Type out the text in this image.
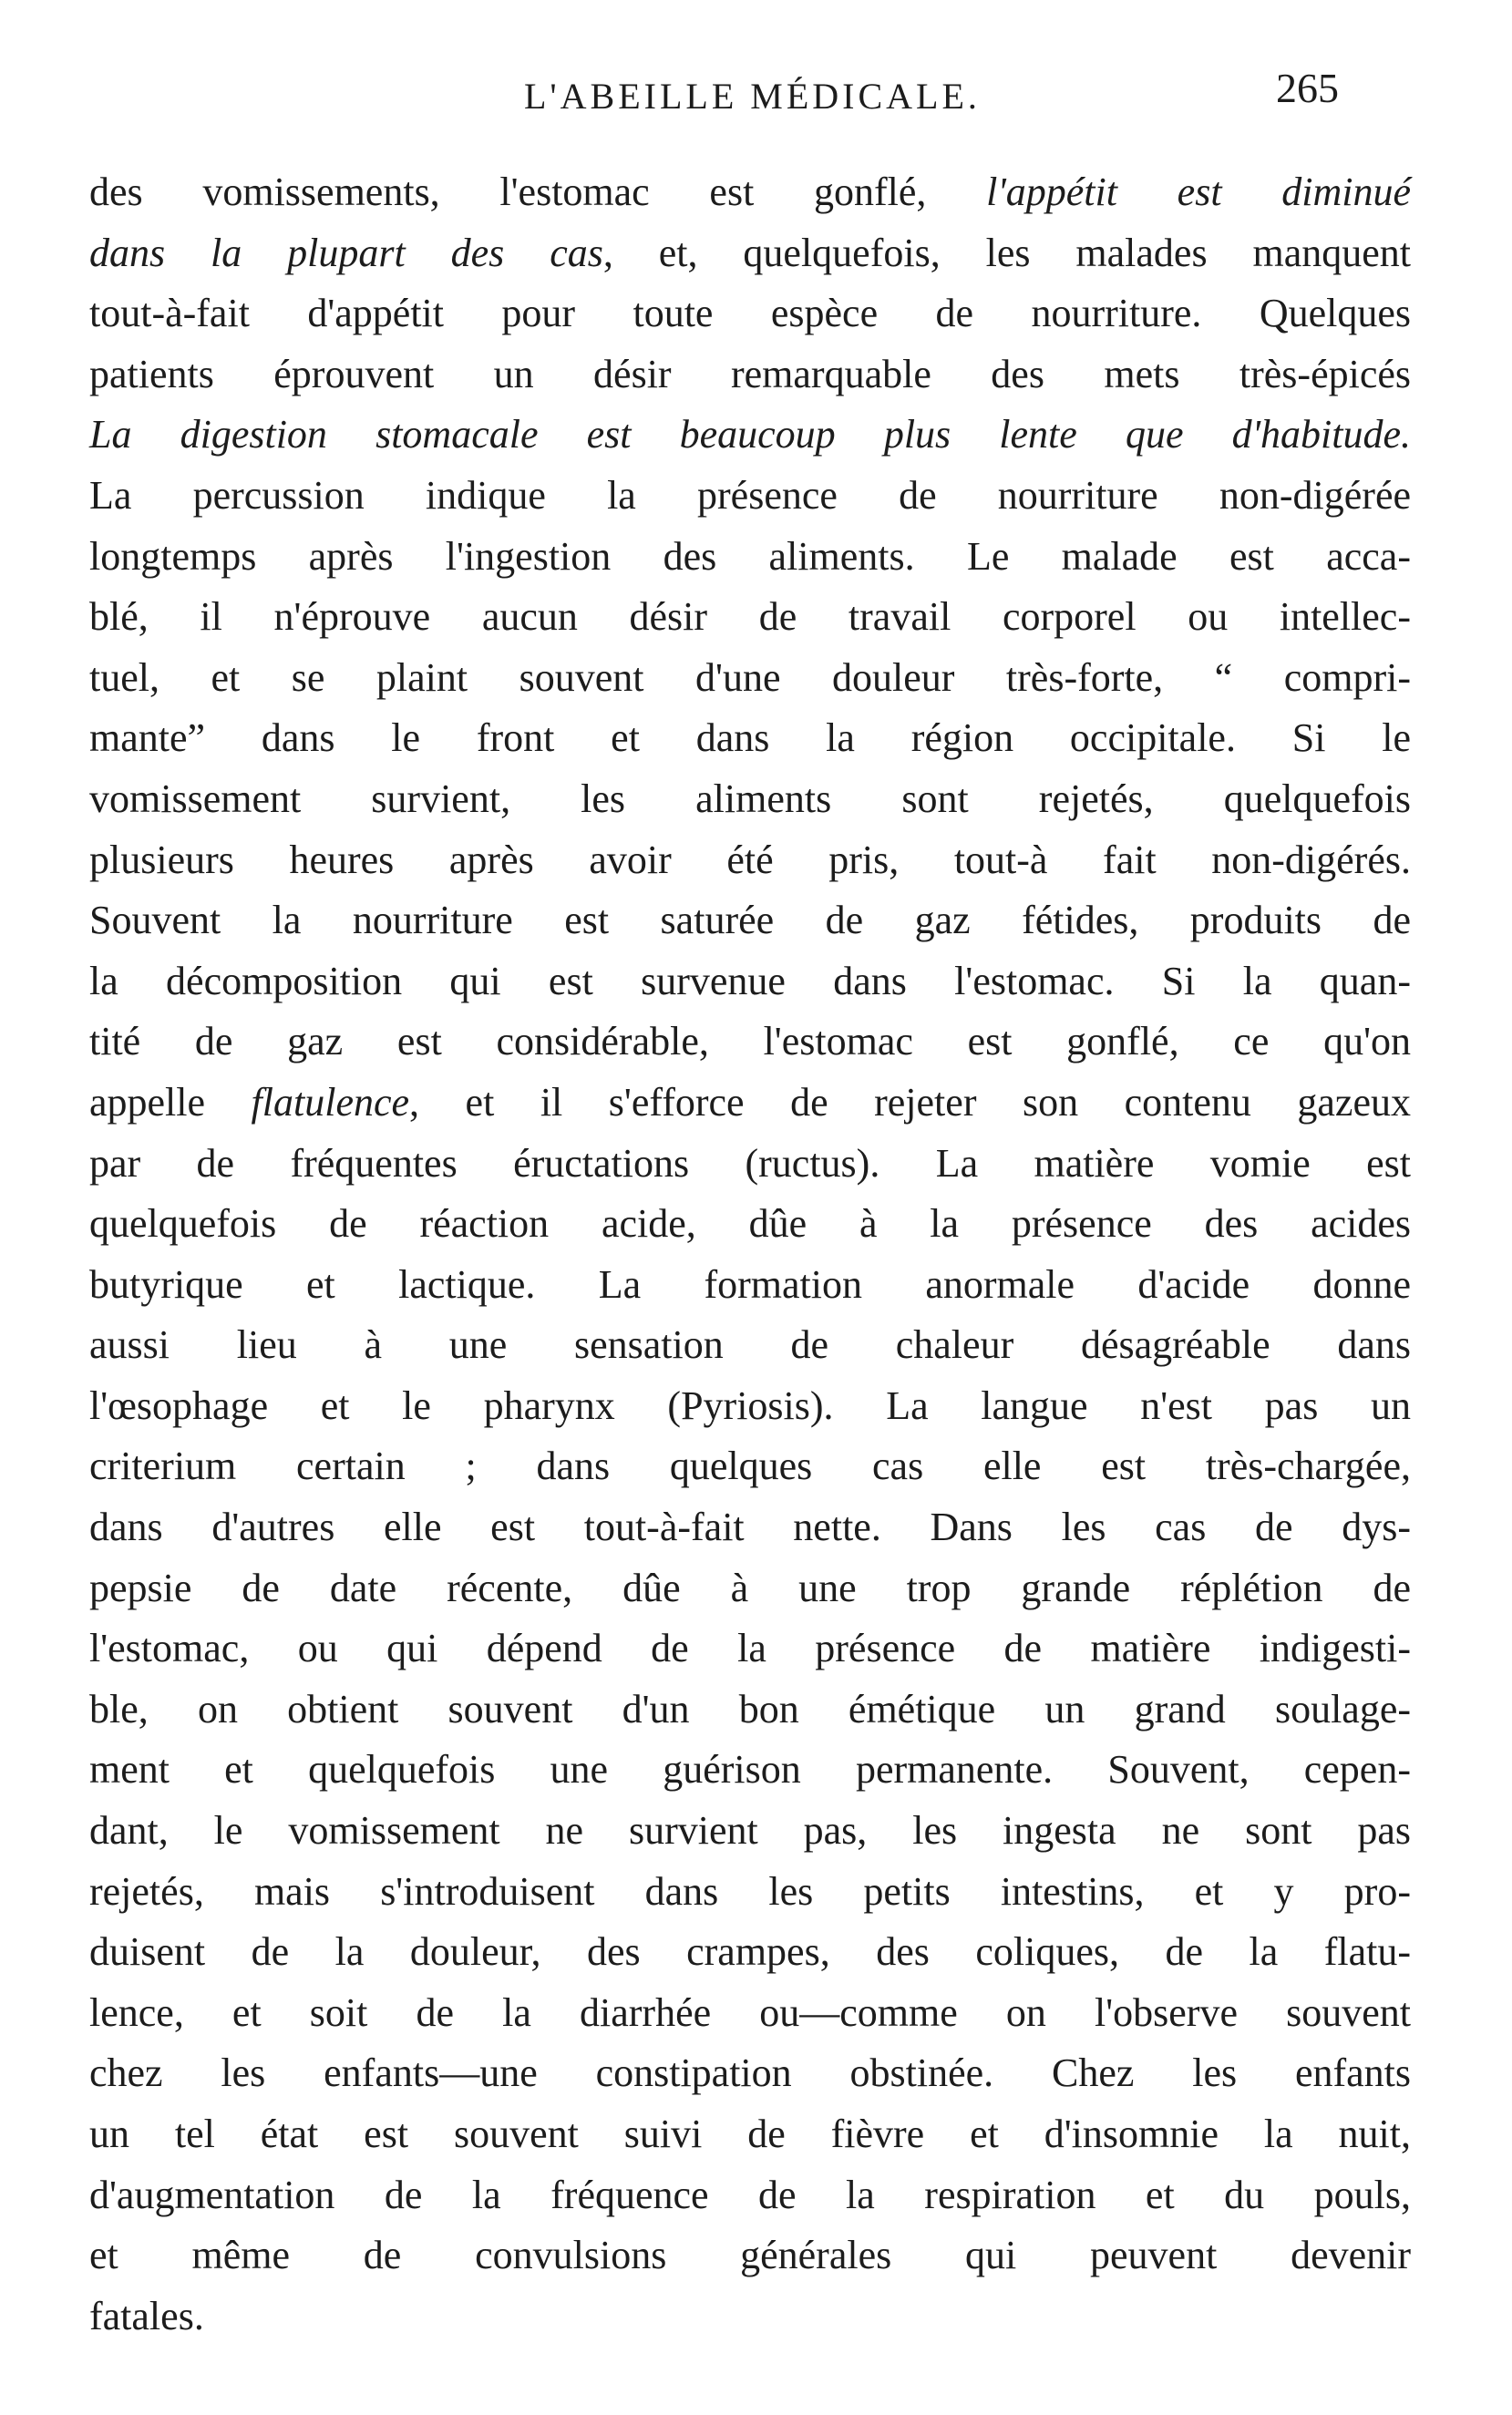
L'ABEILLE MÉDICALE.	265
des vomissements, l'estomac est gonflé, l'appétit est diminué
dans la plupart des cas, et, quelquefois, les malades manquent
tout-à-fait d'appétit pour toute espèce de nourriture. Quelques
patients éprouvent un désir remarquable des mets très-épicés
La digestion stomacale est beaucoup plus lente que d'habitude.
La percussion indique la présence de nourriture non-digérée
longtemps après l'ingestion des aliments. Le malade est acca-
blé, il n'éprouve aucun désir de travail corporel ou intellec-
tuel, et se plaint souvent d'une douleur très-forte, “ compri-
mante” dans le front et dans la région occipitale. Si le
vomissement survient, les aliments sont rejetés, quelquefois
plusieurs heures après avoir été pris, tout-à fait non-digérés.
Souvent la nourriture est saturée de gaz fétides, produits de
la décomposition qui est survenue dans l'estomac. Si la quan-
tité de gaz est considérable, l'estomac est gonflé, ce qu'on
appelle flatulence, et il s'efforce de rejeter son contenu gazeux
par de fréquentes éructations (ructus). La matière vomie est
quelquefois de réaction acide, dûe à la présence des acides
butyrique et lactique. La formation anormale d'acide donne
aussi lieu à une sensation de chaleur désagréable dans
l'œsophage et le pharynx (Pyriosis). La langue n'est pas un
criterium certain ; dans quelques cas elle est très-chargée,
dans d'autres elle est tout-à-fait nette. Dans les cas de dys-
pepsie de date récente, dûe à une trop grande réplétion de
l'estomac, ou qui dépend de la présence de matière indigesti-
ble, on obtient souvent d'un bon émétique un grand soulage-
ment et quelquefois une guérison permanente. Souvent, cepen-
dant, le vomissement ne survient pas, les ingesta ne sont pas
rejetés, mais s'introduisent dans les petits intestins, et y pro-
duisent de la douleur, des crampes, des coliques, de la flatu-
lence, et soit de la diarrhée ou—comme on l'observe souvent
chez les enfants—une constipation obstinée. Chez les enfants
un tel état est souvent suivi de fièvre et d'insomnie la nuit,
d'augmentation de la fréquence de la respiration et du pouls,
et même de convulsions générales qui peuvent devenir
fatales.
